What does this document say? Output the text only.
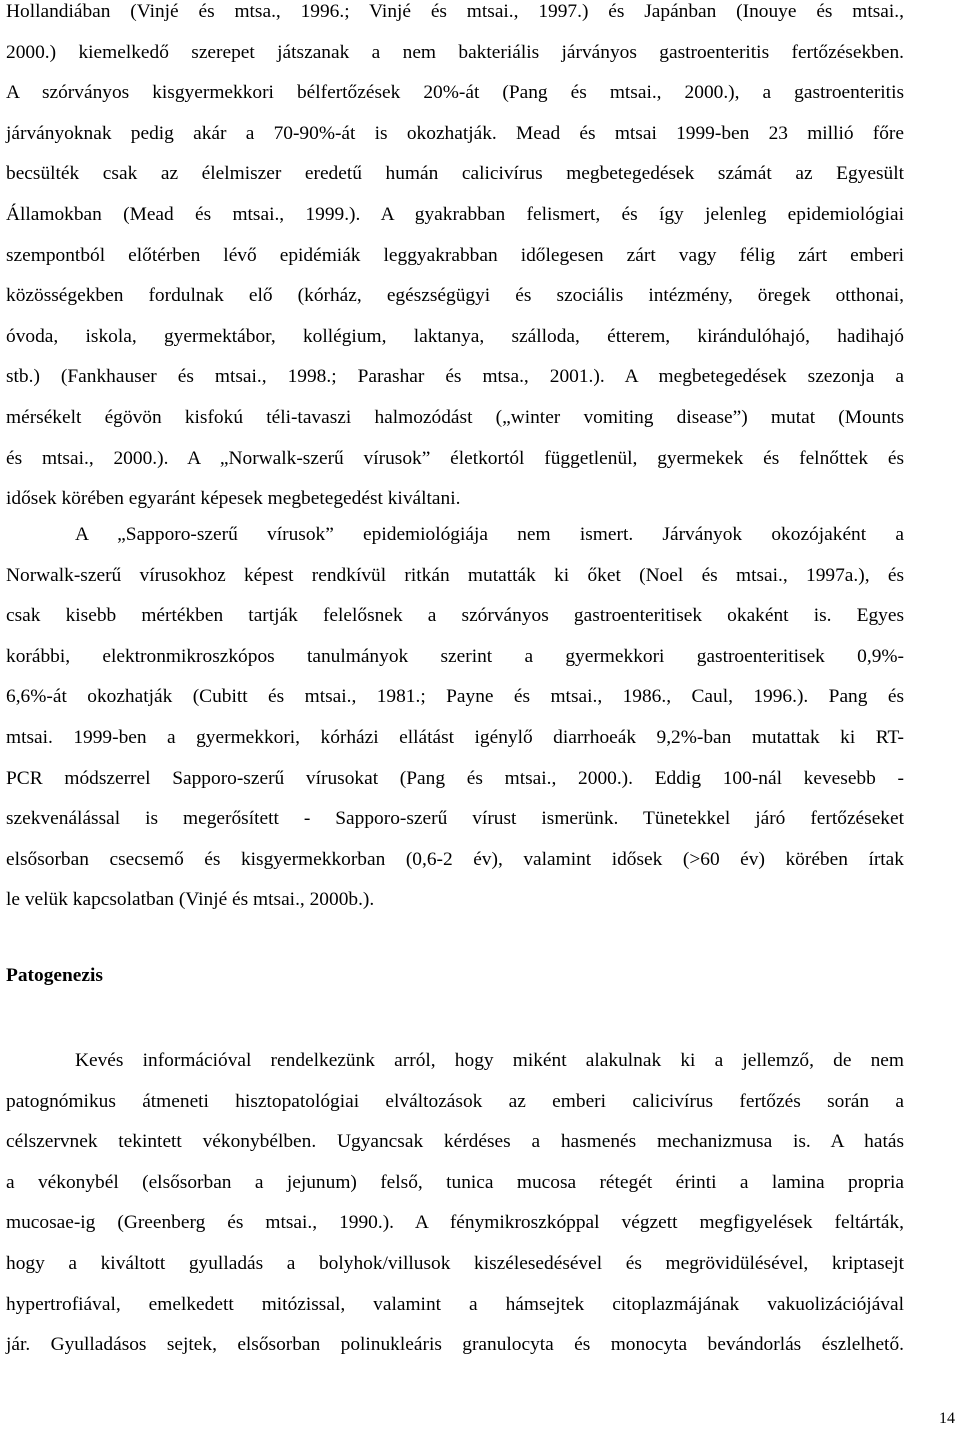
Hollandiában (Vinjé és mtsa., 1996.; Vinjé és mtsai., 1997.) és Japánban (Inouye és mtsai.,
2000.) kiemelkedő szerepet játszanak a nem bakteriális járványos gastroenteritis fertőzésekben.
A szórványos kisgyermekkori bélfertőzések 20%-át (Pang és mtsai., 2000.), a gastroenteritis
járványoknak pedig akár a 70-90%-át is okozhatják. Mead és mtsai 1999-ben 23 millió főre
becsülték csak az élelmiszer eredetű humán calicivírus megbetegedések számát az Egyesült
Államokban (Mead és mtsai., 1999.). A gyakrabban felismert, és így jelenleg epidemiológiai
szempontból előtérben lévő epidémiák leggyakrabban időlegesen zárt vagy félig zárt emberi
közösségekben fordulnak elő (kórház, egészségügyi és szociális intézmény, öregek otthonai,
óvoda, iskola, gyermektábor, kollégium, laktanya, szálloda, étterem, kirándulóhajó, hadihajó
stb.) (Fankhauser és mtsai., 1998.; Parashar és mtsa., 2001.). A megbetegedések szezonja a
mérsékelt égövön kisfokú téli-tavaszi halmozódást („winter vomiting disease”) mutat (Mounts
és mtsai., 2000.). A „Norwalk-szerű vírusok” életkortól függetlenül, gyermekek és felnőttek és
idősek körében egyaránt képesek megbetegedést kiváltani.
A „Sapporo-szerű vírusok” epidemiológiája nem ismert. Járványok okozójaként a
Norwalk-szerű vírusokhoz képest rendkívül ritkán mutatták ki őket (Noel és mtsai., 1997a.), és
csak kisebb mértékben tartják felelősnek a szórványos gastroenteritisek okaként is. Egyes
korábbi, elektronmikroszkópos tanulmányok szerint a gyermekkori gastroenteritisek 0,9%-
6,6%-át okozhatják (Cubitt és mtsai., 1981.; Payne és mtsai., 1986., Caul, 1996.). Pang és
mtsai. 1999-ben a gyermekkori, kórházi ellátást igénylő diarrhoeák 9,2%-ban mutattak ki RT-
PCR módszerrel Sapporo-szerű vírusokat (Pang és mtsai., 2000.). Eddig 100-nál kevesebb -
szekvenálással is megerősített - Sapporo-szerű vírust ismerünk. Tünetekkel járó fertőzéseket
elsősorban csecsemő és kisgyermekkorban (0,6-2 év), valamint idősek (>60 év) körében írtak
le velük kapcsolatban (Vinjé és mtsai., 2000b.).
Patogenezis
Kevés információval rendelkezünk arról, hogy miként alakulnak ki a jellemző, de nem
patognómikus átmeneti hisztopatológiai elváltozások az emberi calicivírus fertőzés során a
célszervnek tekintett vékonybélben. Ugyancsak kérdéses a hasmenés mechanizmusa is. A hatás
a vékonybél (elsősorban a jejunum) felső, tunica mucosa rétegét érinti a lamina propria
mucosae-ig (Greenberg és mtsai., 1990.). A fénymikroszkóppal végzett megfigyelések feltárták,
hogy a kiváltott gyulladás a bolyhok/villusok kiszélesedésével és megrövidülésével, kriptasejt
hypertrofiával, emelkedett mitózissal, valamint a hámsejtek citoplazmájának vakuolizációjával
jár. Gyulladásos sejtek, elsősorban polinukleáris granulocyta és monocyta bevándorlás észlelhető.

14
